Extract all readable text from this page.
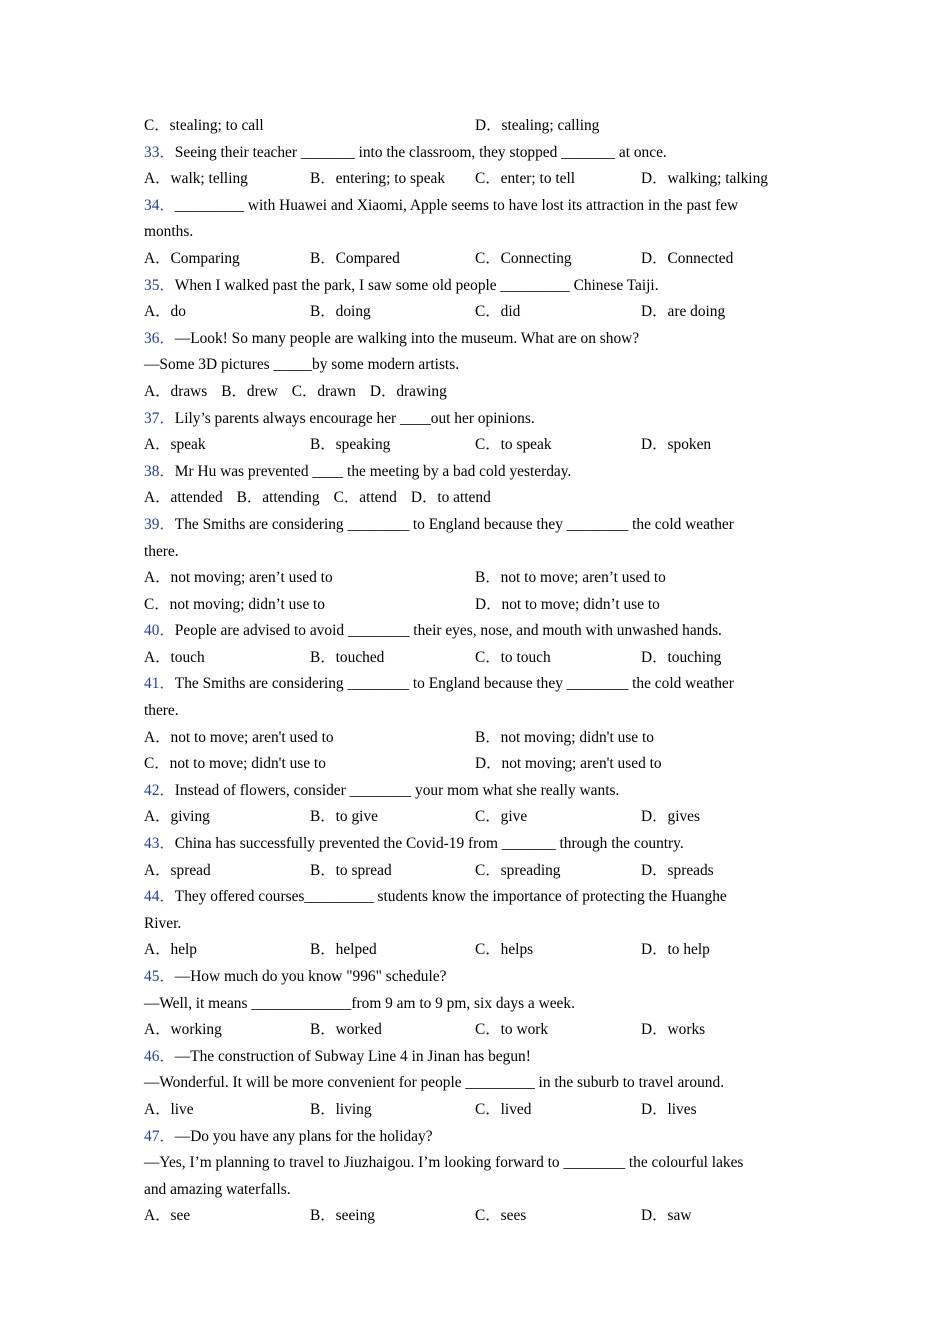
C．stealing; to call	D．stealing; calling
33．Seeing their teacher _______ into the classroom, they stopped _______ at once.
A．walk; telling	B．entering; to speak C．enter; to tell	D．walking; talking
34．_________ with Huawei and Xiaomi, Apple seems to have lost its attraction in the past few
months.
A．Comparing	B．Compared	C．Connecting	D．Connected
35．When I walked past the park, I saw some old people _________ Chinese Taiji.
A．do	B．doing	C．did	D．are doing
36．—Look! So many people are walking into the museum. What are on show?
—Some 3D pictures _____by some modern artists.
A．draws B．drew C．drawn D．drawing
37．Lily’s parents always encourage her ____out her opinions.
A．speak	B．speaking	C．to speak	D．spoken
38．Mr Hu was prevented ____ the meeting by a bad cold yesterday.
A．attended B．attending C．attend D．to attend
39．The Smiths are considering ________ to England because they ________ the cold weather
there.
A．not moving; aren’t used to	B．not to move; aren’t used to
C．not moving; didn’t use to	D．not to move; didn’t use to
40．People are advised to avoid ________ their eyes, nose, and mouth with unwashed hands.
A．touch	B．touched	C．to touch	D．touching
41．The Smiths are considering ________ to England because they ________ the cold weather
there.
A．not to move; aren't used to	B．not moving; didn't use to
C．not to move; didn't use to	D．not moving; aren't used to
42．Instead of flowers, consider ________ your mom what she really wants.
A．giving	B．to give	C．give	D．gives
43．China has successfully prevented the Covid-19 from _______ through the country.
A．spread	B．to spread	C．spreading	D．spreads
44．They offered courses_________ students know the importance of protecting the Huanghe
River.
A．help	B．helped	C．helps	D．to help
45．—How much do you know "996" schedule?
—Well, it means _____________from 9 am to 9 pm, six days a week.
A．working	B．worked	C．to work	D．works
46．—The construction of Subway Line 4 in Jinan has begun!
—Wonderful. It will be more convenient for people _________ in the suburb to travel around.
A．live	B．living	C．lived	D．lives
47．—Do you have any plans for the holiday?
—Yes, I’m planning to travel to Jiuzhaigou. I’m looking forward to ________ the colourful lakes
and amazing waterfalls.
A．see	B．seeing	C．sees	D．saw
